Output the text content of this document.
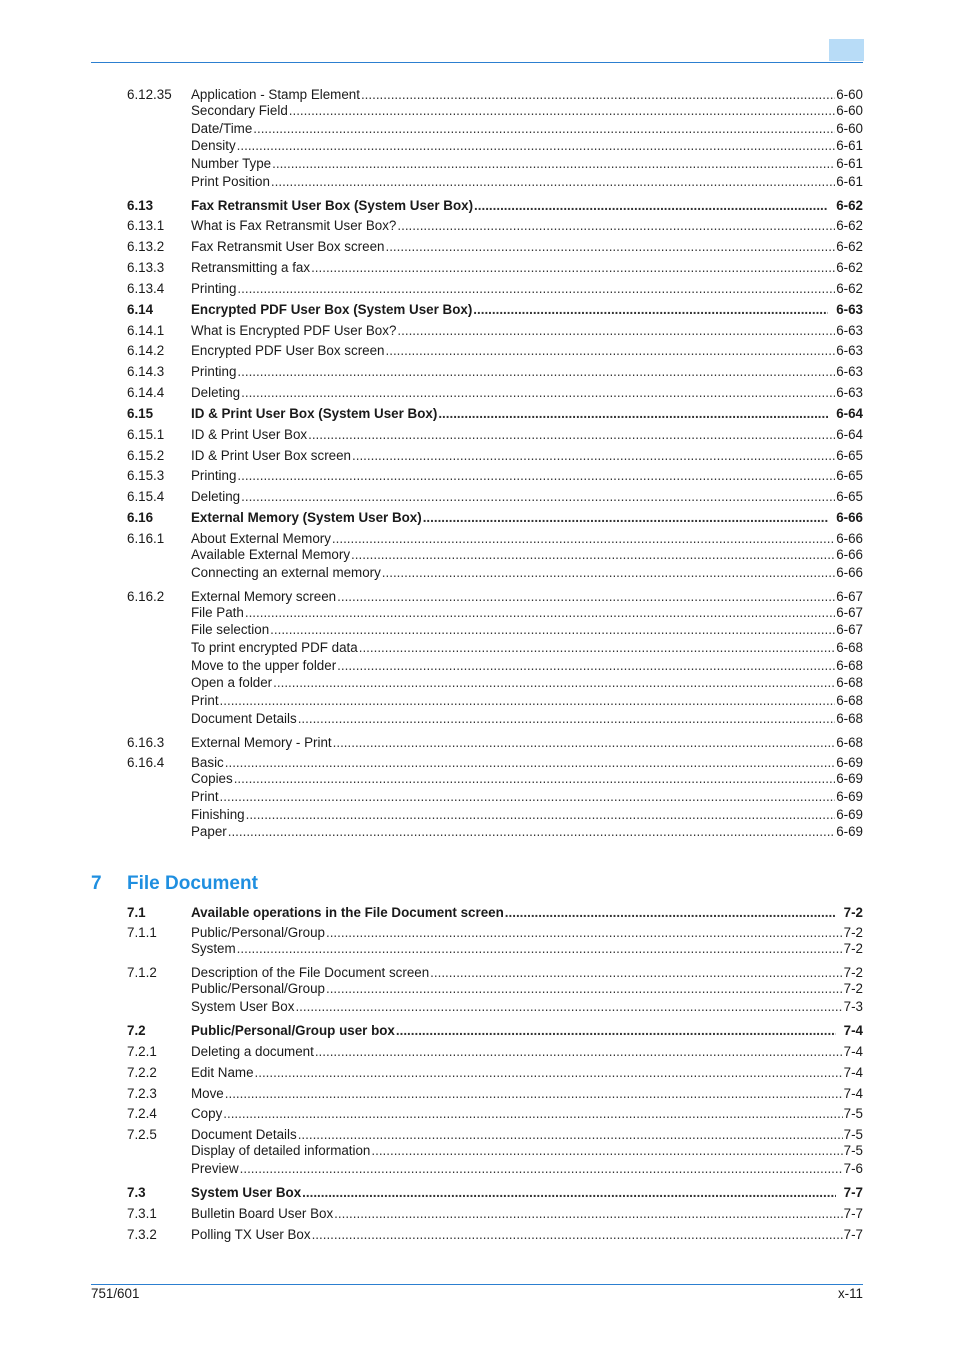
7 File Document
6.12.35 Application - Stamp Element .....	6-60
Secondary Field .....	6-60
Date/Time .....	6-60
Density .....	6-61
Number Type .....	6-61
Print Position .....	6-61
6.13	Fax Retransmit User Box (System User Box) .....	6-62
6.13.1 What is Fax Retransmit User Box? .....	6-62
6.13.2 Fax Retransmit User Box screen .....	6-62
6.13.3 Retransmitting a fax .....	6-62
6.13.4 Printing .....	6-62
6.14	Encrypted PDF User Box (System User Box) .....	6-63
6.14.1 What is Encrypted PDF User Box? .....	6-63
6.14.2 Encrypted PDF User Box screen .....	6-63
6.14.3 Printing .....	6-63
6.14.4 Deleting .....	6-63
6.15	ID & Print User Box (System User Box) .....	6-64
6.15.1 ID & Print User Box .....	6-64
6.15.2 ID & Print User Box screen .....	6-65
6.15.3 Printing .....	6-65
6.15.4 Deleting .....	6-65
6.16	External Memory (System User Box) .....	6-66
6.16.1 About External Memory .....	6-66
Available External Memory .....	6-66
Connecting an external memory .....	6-66
6.16.2 External Memory screen .....	6-67
File Path .....	6-67
File selection .....	6-67
To print encrypted PDF data .....	6-68
Move to the upper folder .....	6-68
Open a folder .....	6-68
Print .....	6-68
Document Details .....	6-68
6.16.3 External Memory - Print .....	6-68
6.16.4 Basic .....	6-69
Copies .....	6-69
Print .....	6-69
Finishing .....	6-69
Paper .....	6-69
7.1	Available operations in the File Document screen .....	7-2
7.1.1	Public/Personal/Group .....	7-2
System .....	7-2
7.1.2	Description of the File Document screen .....	7-2
Public/Personal/Group .....	7-2
System User Box .....	7-3
7.2	Public/Personal/Group user box .....	7-4
7.2.1	Deleting a document .....	7-4
7.2.2	Edit Name .....	7-4
7.2.3	Move .....	7-4
7.2.4	Copy .....	7-5
7.2.5	Document Details .....	7-5
Display of detailed information .....	7-5
Preview .....	7-6
7.3	System User Box .....	7-7
7.3.1	Bulletin Board User Box .....	7-7
7.3.2	Polling TX User Box .....	7-7
751/601	x-11
